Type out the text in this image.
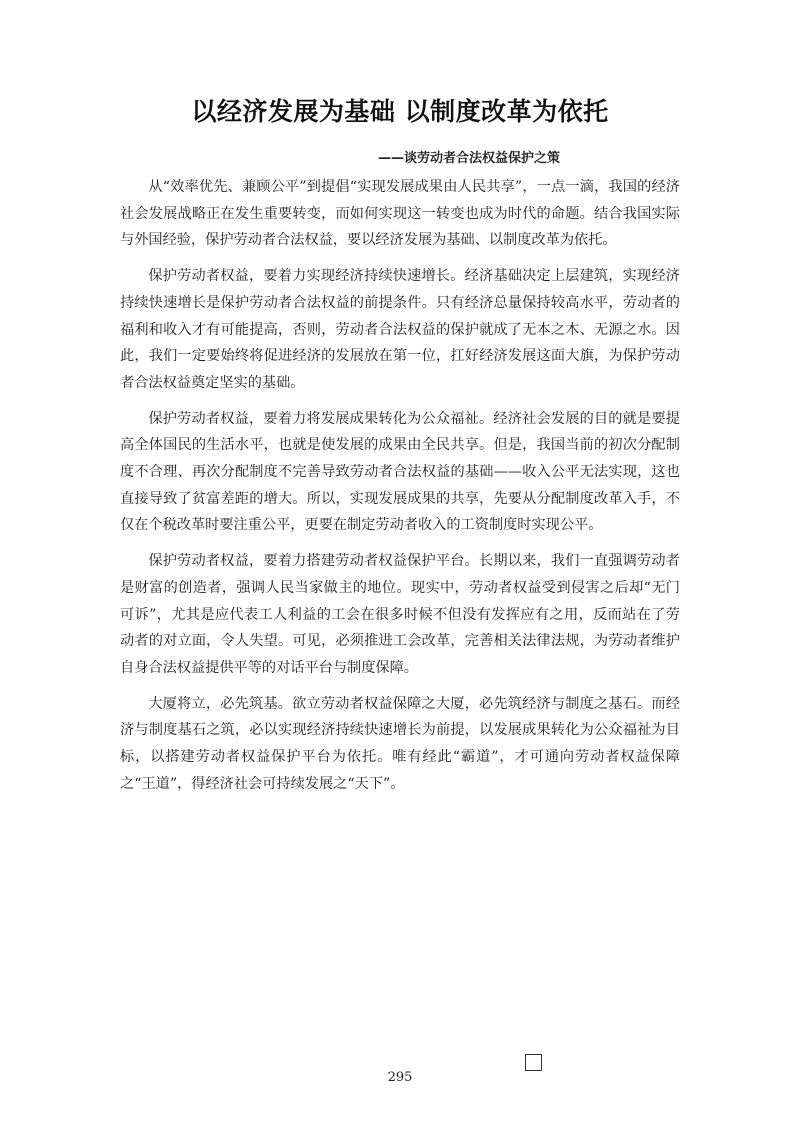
以经济发展为基础 以制度改革为依托
——谈劳动者合法权益保护之策

从“效率优先、兼顾公平”到提倡“实现发展成果由人民共享”，一点一滴，我国的经济社会发展战略正在发生重要转变，而如何实现这一转变也成为时代的命题。结合我国实际与外国经验，保护劳动者合法权益，要以经济发展为基础、以制度改革为依托。

保护劳动者权益，要着力实现经济持续快速增长。经济基础决定上层建筑，实现经济持续快速增长是保护劳动者合法权益的前提条件。只有经济总量保持较高水平，劳动者的福利和收入才有可能提高，否则，劳动者合法权益的保护就成了无本之木、无源之水。因此，我们一定要始终将促进经济的发展放在第一位，扛好经济发展这面大旗，为保护劳动者合法权益奠定坚实的基础。

保护劳动者权益，要着力将发展成果转化为公众福祉。经济社会发展的目的就是要提高全体国民的生活水平，也就是使发展的成果由全民共享。但是，我国当前的初次分配制度不合理、再次分配制度不完善导致劳动者合法权益的基础——收入公平无法实现，这也直接导致了贫富差距的增大。所以，实现发展成果的共享，先要从分配制度改革入手，不仅在个税改革时要注重公平，更要在制定劳动者收入的工资制度时实现公平。

保护劳动者权益，要着力搭建劳动者权益保护平台。长期以来，我们一直强调劳动者是财富的创造者，强调人民当家做主的地位。现实中，劳动者权益受到侵害之后却“无门可诉”，尤其是应代表工人利益的工会在很多时候不但没有发挥应有之用，反而站在了劳动者的对立面，令人失望。可见，必须推进工会改革，完善相关法律法规，为劳动者维护自身合法权益提供平等的对话平台与制度保障。

大厦将立，必先筑基。欲立劳动者权益保障之大厦，必先筑经济与制度之基石。而经济与制度基石之筑，必以实现经济持续快速增长为前提，以发展成果转化为公众福祉为目标，以搭建劳动者权益保护平台为依托。唯有经此“霸道”，才可通向劳动者权益保障之“王道”，得经济社会可持续发展之“天下”。

295
